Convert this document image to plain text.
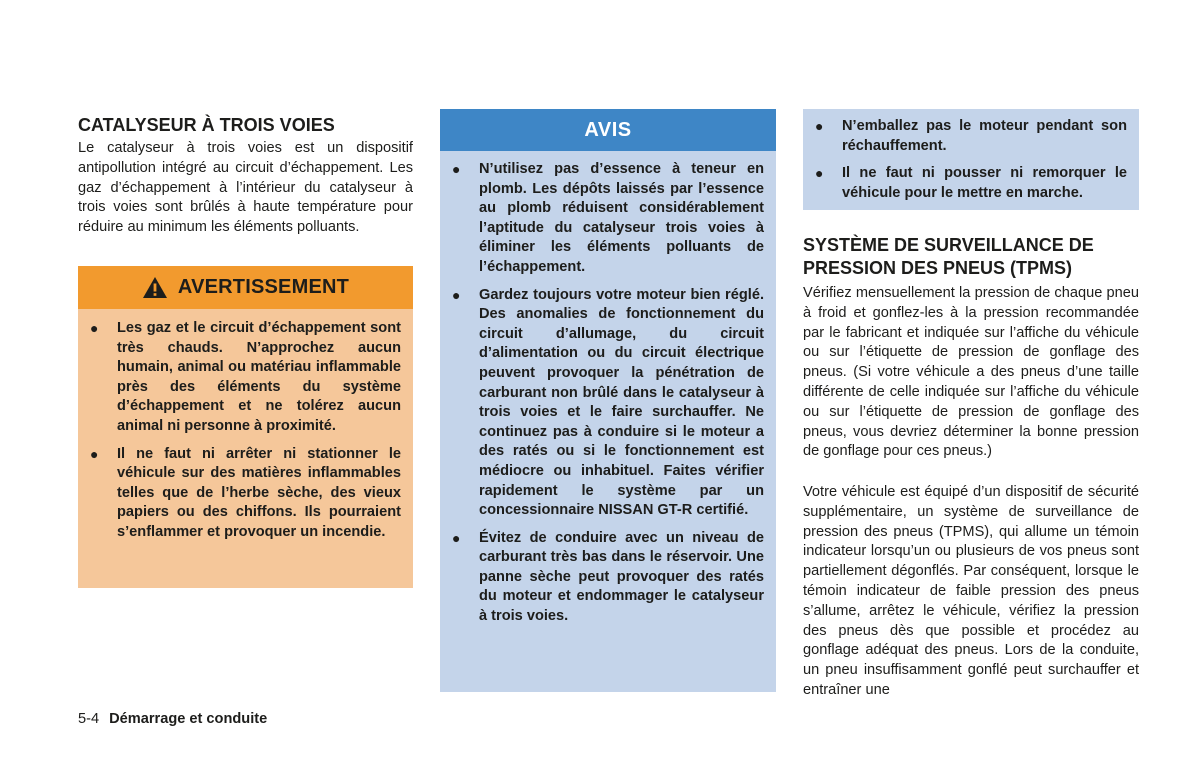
CATALYSEUR À TROIS VOIES
Le catalyseur à trois voies est un dispositif antipollution intégré au circuit d’échappement. Les gaz d’échappement à l’intérieur du catalyseur à trois voies sont brûlés à haute température pour réduire au minimum les éléments polluants.
AVERTISSEMENT
● Les gaz et le circuit d’échappement sont très chauds. N’approchez aucun humain, animal ou matériau inflammable près des éléments du système d’échappement et ne tolérez aucun animal ni personne à proximité.
● Il ne faut ni arrêter ni stationner le véhicule sur des matières inflammables telles que de l’herbe sèche, des vieux papiers ou des chiffons. Ils pourraient s’enflammer et provoquer un incendie.
AVIS
● N’utilisez pas d’essence à teneur en plomb. Les dépôts laissés par l’essence au plomb réduisent considérablement l’aptitude du catalyseur trois voies à éliminer les éléments polluants de l’échappement.
● Gardez toujours votre moteur bien réglé. Des anomalies de fonctionnement du circuit d’allumage, du circuit d’alimentation ou du circuit électrique peuvent provoquer la pénétration de carburant non brûlé dans le catalyseur à trois voies et le faire surchauffer. Ne continuez pas à conduire si le moteur a des ratés ou si le fonctionnement est médiocre ou inhabituel. Faites vérifier rapidement le système par un concessionnaire NISSAN GT-R certifié.
● Évitez de conduire avec un niveau de carburant très bas dans le réservoir. Une panne sèche peut provoquer des ratés du moteur et endommager le catalyseur à trois voies.
● N’emballez pas le moteur pendant son réchauffement.
● Il ne faut ni pousser ni remorquer le véhicule pour le mettre en marche.
SYSTÈME DE SURVEILLANCE DE PRESSION DES PNEUS (TPMS)
Vérifiez mensuellement la pression de chaque pneu à froid et gonflez-les à la pression recommandée par le fabricant et indiquée sur l’affiche du véhicule ou sur l’étiquette de pression de gonflage des pneus. (Si votre véhicule a des pneus d’une taille différente de celle indiquée sur l’affiche du véhicule ou sur l’étiquette de pression de gonflage des pneus, vous devriez déterminer la bonne pression de gonflage pour ces pneus.)
Votre véhicule est équipé d’un dispositif de sécurité supplémentaire, un système de surveillance de pression des pneus (TPMS), qui allume un témoin indicateur lorsqu’un ou plusieurs de vos pneus sont partiellement dégonflés. Par conséquent, lorsque le témoin indicateur de faible pression des pneus s’allume, arrêtez le véhicule, vérifiez la pression des pneus dès que possible et procédez au gonflage adéquat des pneus. Lors de la conduite, un pneu insuffisamment gonflé peut surchauffer et entraîner une
5-4 Démarrage et conduite
